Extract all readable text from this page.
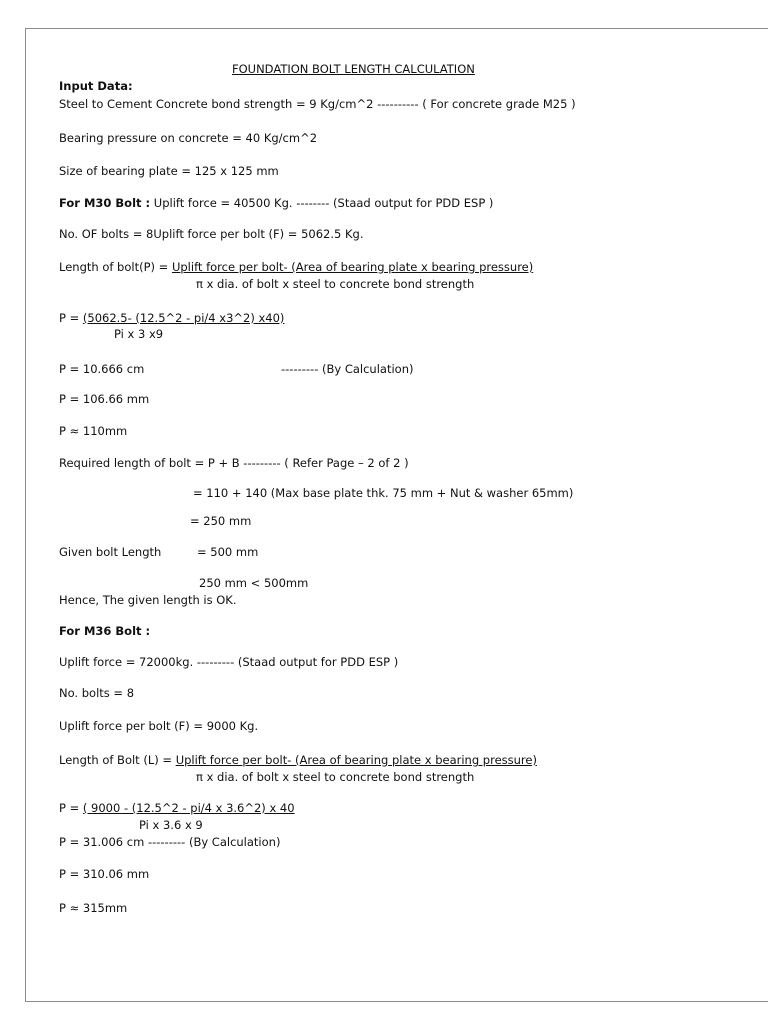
FOUNDATION BOLT LENGTH CALCULATION
Input Data:
Steel to Cement Concrete bond strength = 9 Kg/cm^2 ---------- ( For concrete grade M25 )
Bearing pressure on concrete = 40 Kg/cm^2
Size of bearing plate = 125 x 125 mm
For M30 Bolt : Uplift force = 40500 Kg. -------- (Staad output for PDD ESP )
No. OF bolts = 8Uplift force per bolt (F) = 5062.5 Kg.
Length of bolt(P) = Uplift force per bolt- (Area of bearing plate x bearing pressure)
π x dia. of bolt x steel to concrete bond strength
P = (5062.5- (12.5^2 - pi/4 x3^2) x40)
Pi x 3 x9
P = 10.666 cm	--------- (By Calculation)
P = 106.66 mm
P ≈ 110mm
Required length of bolt = P + B --------- ( Refer Page – 2 of 2 )
= 110 + 140 (Max base plate thk. 75 mm + Nut & washer 65mm)
= 250 mm
Given bolt Length	= 500 mm
250 mm < 500mm
Hence, The given length is OK.
For M36 Bolt :
Uplift force = 72000kg. --------- (Staad output for PDD ESP )
No. bolts = 8
Uplift force per bolt (F) = 9000 Kg.
Length of Bolt (L) = Uplift force per bolt- (Area of bearing plate x bearing pressure)
π x dia. of bolt x steel to concrete bond strength
P = ( 9000 - (12.5^2 - pi/4 x 3.6^2) x 40
Pi x 3.6 x 9
P = 31.006 cm --------- (By Calculation)
P = 310.06 mm
P ≈ 315mm
